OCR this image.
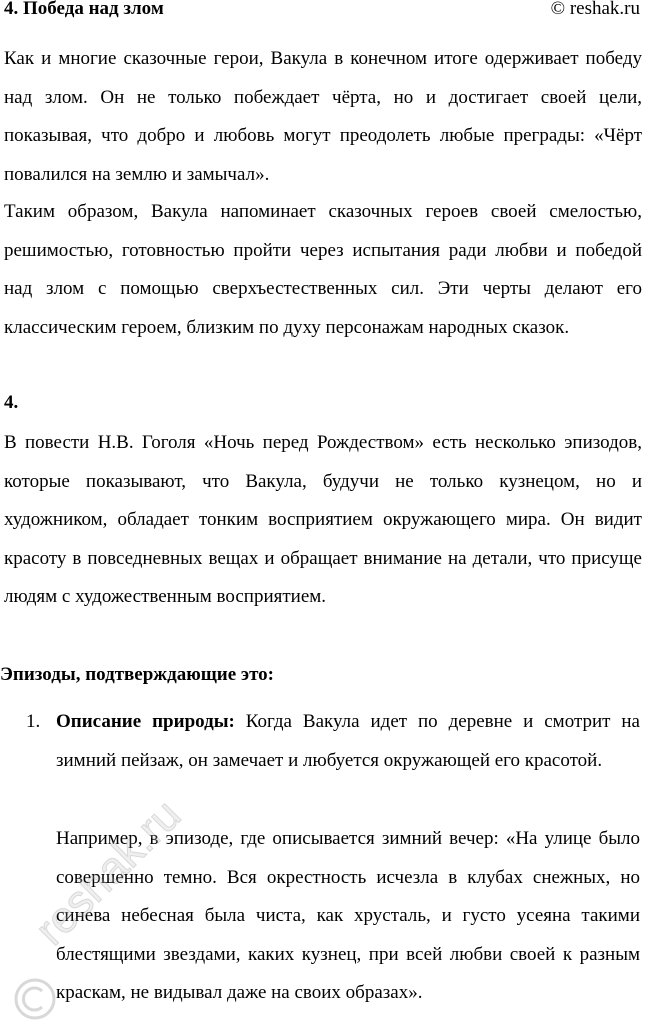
4. Победа над злом	© reshak.ru

Как и многие сказочные герои, Вакула в конечном итоге одерживает победу над злом. Он не только побеждает чёрта, но и достигает своей цели, показывая, что добро и любовь могут преодолеть любые преграды: «Чёрт повалился на землю и замычал».

Таким образом, Вакула напоминает сказочных героев своей смелостью, решимостью, готовностью пройти через испытания ради любви и победой над злом с помощью сверхъестественных сил. Эти черты делают его классическим героем, близким по духу персонажам народных сказок.

4.

В повести Н.В. Гоголя «Ночь перед Рождеством» есть несколько эпизодов, которые показывают, что Вакула, будучи не только кузнецом, но и художником, обладает тонким восприятием окружающего мира. Он видит красоту в повседневных вещах и обращает внимание на детали, что присуще людям с художественным восприятием.

Эпизоды, подтверждающие это:
1. Описание природы: Когда Вакула идет по деревне и смотрит на зимний пейзаж, он замечает и любуется окружающей его красотой.

Например, в эпизоде, где описывается зимний вечер: «На улице было совершенно темно. Вся окрестность исчезла в клубах снежных, но синева небесная была чиста, как хрусталь, и густо усеяна такими блестящими звездами, каких кузнец, при всей любви своей к разным краскам, не видывал даже на своих образах».

reshak.ru
